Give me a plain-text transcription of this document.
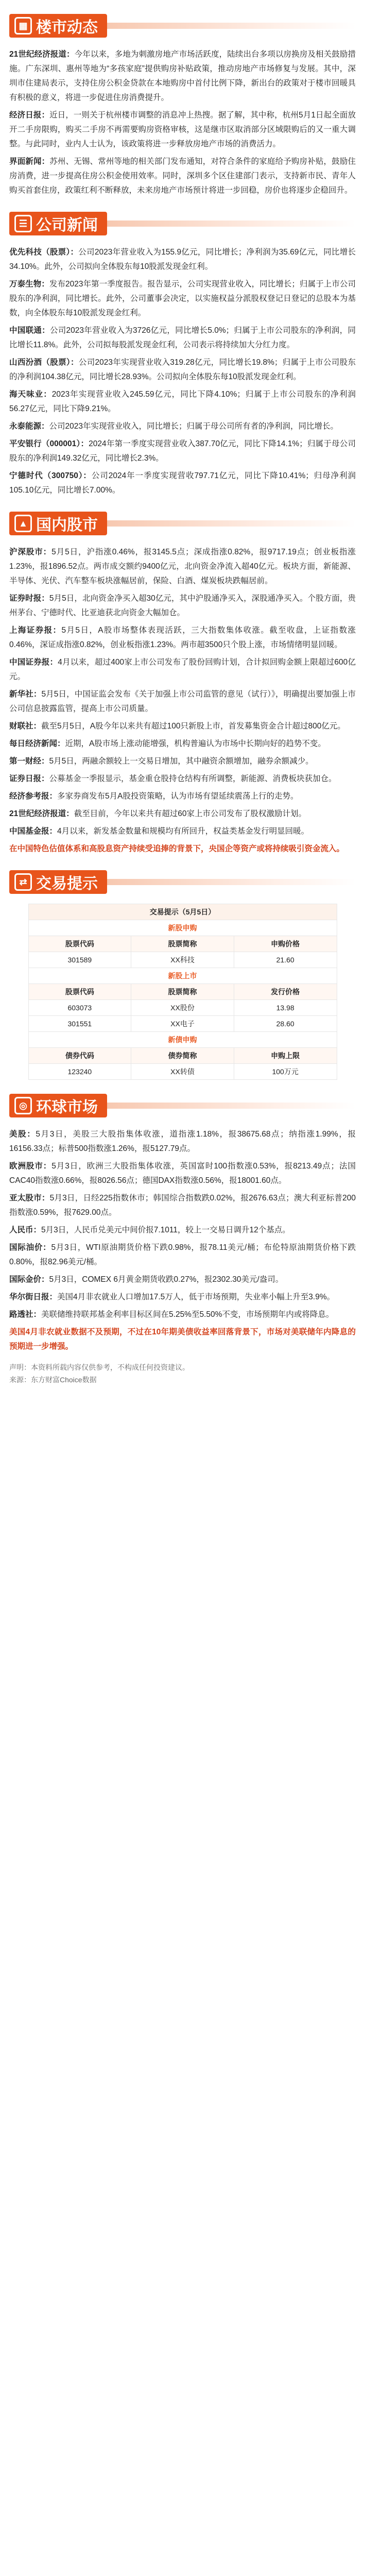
▦ 楼市动态
21世纪经济报道：今年以来，多地为刺激房地产市场活跃度，陆续出台多项以房换房及相关鼓励措施。广东深圳、惠州等地为“多孩家庭”提供购房补贴政策，推动房地产市场修复与发展。其中，深圳市住建局表示，支持住房公积金贷款在本地购房中首付比例下降，新出台的政策对于楼市回暖具有积极的意义，将进一步促进住房消费提升。
经济日报：近日，一则关于杭州楼市调整的消息冲上热搜。据了解，其中称，杭州5月1日起全面放开二手房限购，购买二手房不再需要购房资格审核，这是继市区取消部分区域限购后的又一重大调整。与此同时，业内人士认为，该政策将进一步释放房地产市场的消费活力。
界面新闻：苏州、无锡、常州等地的相关部门发布通知，对符合条件的家庭给予购房补贴，鼓励住房消费，进一步提高住房公积金使用效率。同时，深圳多个区住建部门表示，支持新市民、青年人购买首套住房，政策红利不断释放，未来房地产市场预计将进一步回稳，房价也将逐步企稳回升。
☰ 公司新闻
优先科技（股票）：公司2023年营业收入为155.9亿元，同比增长；净利润为35.69亿元，同比增长34.10%。此外，公司拟向全体股东每10股派发现金红利。
万泰生物：发布2023年第一季度报告。报告显示，公司实现营业收入，同比增长；归属于上市公司股东的净利润，同比增长。此外，公司董事会决定，以实施权益分派股权登记日登记的总股本为基数，向全体股东每10股派发现金红利。
中国联通：公司2023年营业收入为3726亿元，同比增长5.0%；归属于上市公司股东的净利润，同比增长11.8%。此外，公司拟每股派发现金红利，公司表示将持续加大分红力度。
山西汾酒（股票）：公司2023年实现营业收入319.28亿元，同比增长19.8%；归属于上市公司股东的净利润104.38亿元，同比增长28.93%。公司拟向全体股东每10股派发现金红利。
海天味业：2023年实现营业收入245.59亿元，同比下降4.10%；归属于上市公司股东的净利润56.27亿元，同比下降9.21%。
永泰能源：公司2023年实现营业收入，同比增长；归属于母公司所有者的净利润，同比增长。
平安银行（000001）：2024年第一季度实现营业收入387.70亿元，同比下降14.1%；归属于母公司股东的净利润149.32亿元，同比增长2.3%。
宁德时代（300750）：公司2024年一季度实现营收797.71亿元，同比下降10.41%；归母净利润105.10亿元，同比增长7.00%。
▲ 国内股市
沪深股市：5月5日，沪指涨0.46%，报3145.5点；深成指涨0.82%，报9717.19点；创业板指涨1.23%，报1896.52点。两市成交额约9400亿元，北向资金净流入超40亿元。板块方面，新能源、半导体、光伏、汽车整车板块涨幅居前，保险、白酒、煤炭板块跌幅居前。
证券时报：5月5日，北向资金净买入超30亿元，其中沪股通净买入，深股通净买入。个股方面，贵州茅台、宁德时代、比亚迪获北向资金大幅加仓。
上海证券报：5月5日，A股市场整体表现活跃，三大指数集体收涨。截至收盘，上证指数涨0.46%，深证成指涨0.82%，创业板指涨1.23%。两市超3500只个股上涨，市场情绪明显回暖。
中国证券报：4月以来，超过400家上市公司发布了股份回购计划，合计拟回购金额上限超过600亿元。
新华社：5月5日，中国证监会发布《关于加强上市公司监管的意见（试行）》，明确提出要加强上市公司信息披露监管，提高上市公司质量。
财联社：截至5月5日，A股今年以来共有超过100只新股上市，首发募集资金合计超过800亿元。
每日经济新闻：近期，A股市场上涨动能增强，机构普遍认为市场中长期向好的趋势不变。
第一财经：5月5日，两融余额较上一交易日增加，其中融资余额增加，融券余额减少。
证券日报：公募基金一季报显示，基金重仓股持仓结构有所调整，新能源、消费板块获加仓。
经济参考报：多家券商发布5月A股投资策略，认为市场有望延续震荡上行的走势。
21世纪经济报道：截至目前，今年以来共有超过60家上市公司发布了股权激励计划。
中国基金报：4月以来，新发基金数量和规模均有所回升，权益类基金发行明显回暖。
在中国特色估值体系和高股息资产持续受追捧的背景下，央国企等资产或将持续吸引资金流入。
⇄ 交易提示
交易提示（5月5日）		
新股申购		
股票代码	股票简称	申购价格
301589	XX科技	21.60
新股上市		
股票代码	股票简称	发行价格
603073	XX股份	13.98
301551	XX电子	28.60
新债申购		
债券代码	债券简称	申购上限
123240	XX转债	100万元
◎ 环球市场
美股：5月3日，美股三大股指集体收涨，道指涨1.18%，报38675.68点；纳指涨1.99%，报16156.33点；标普500指数涨1.26%，报5127.79点。
欧洲股市：5月3日，欧洲三大股指集体收涨，英国富时100指数涨0.53%，报8213.49点；法国CAC40指数涨0.66%，报8026.56点；德国DAX指数涨0.56%，报18001.60点。
亚太股市：5月3日，日经225指数休市；韩国综合指数跌0.02%，报2676.63点；澳大利亚标普200指数涨0.59%，报7629.00点。
人民币：5月3日，人民币兑美元中间价报7.1011，较上一交易日调升12个基点。
国际油价：5月3日，WTI原油期货价格下跌0.98%，报78.11美元/桶；布伦特原油期货价格下跌0.80%，报82.96美元/桶。
国际金价：5月3日，COMEX 6月黄金期货收跌0.27%，报2302.30美元/盎司。
华尔街日报：美国4月非农就业人口增加17.5万人，低于市场预期，失业率小幅上升至3.9%。
路透社：美联储维持联邦基金利率目标区间在5.25%至5.50%不变，市场预期年内或将降息。
美国4月非农就业数据不及预期，不过在10年期美债收益率回落背景下，市场对美联储年内降息的预期进一步增强。
声明：本资料所载内容仅供参考，不构成任何投资建议。
来源：东方财富Choice数据
